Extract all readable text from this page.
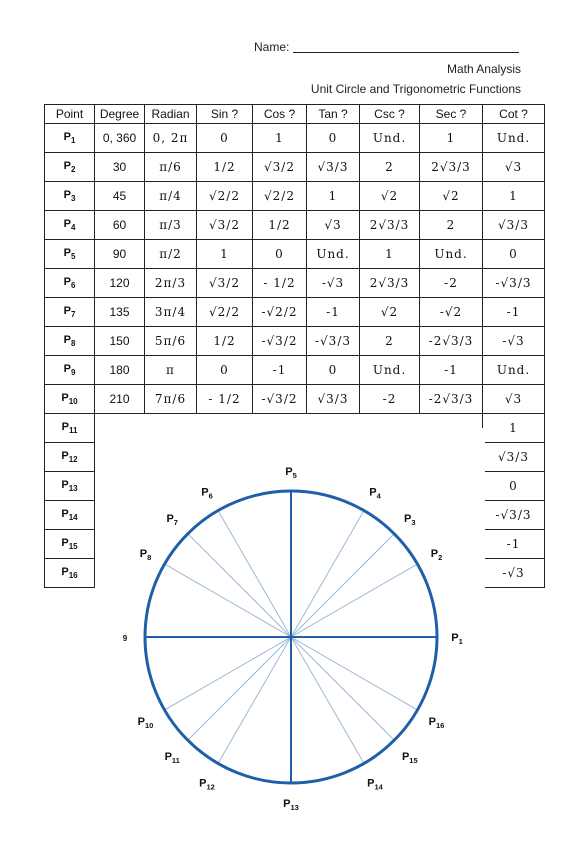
Name:
Math Analysis
Unit Circle and Trigonometric Functions
Point	Degree	Radian	Sin ?	Cos ?	Tan ?	Csc ?	Sec ?	Cot ?
$P_1$	0, 360	0, 2π	0	1	0	Und.	1	Und.
$P_2$	30	π/6	1/2	√3/2	√3/3	2	2√3/3	√3
$P_3$	45	π/4	√2/2	√2/2	1	√2	√2	1
$P_4$	60	π/3	√3/2	1/2	√3	2√3/3	2	√3/3
$P_5$	90	π/2	1	0	Und.	1	Und.	0
$P_6$	120	2π/3	√3/2	- 1/2	-√3	2√3/3	-2	-√3/3
$P_7$	135	3π/4	√2/2	-√2/2	-1	√2	-√2	-1
$P_8$	150	5π/6	1/2	-√3/2	-√3/3	2	-2√3/3	-√3
$P_9$	180	π	0	-1	0	Und.	-1	Und.
$P_{10}$	210	7π/6	- 1/2	-√3/2	√3/3	-2	-2√3/3	√3
$P_{11}$								1
$P_{12}$								√3/3
$P_{13}$								0
$P_{14}$								-√3/3
$P_{15}$								-1
$P_{16}$								-√3
$P_1$
$P_2$
$P_3$
$P_4$
$P_5$
$P_6$
$P_7$
$P_8$
9
$P_{10}$
$P_{11}$
$P_{12}$
$P_{13}$
$P_{14}$
$P_{15}$
$P_{16}$
